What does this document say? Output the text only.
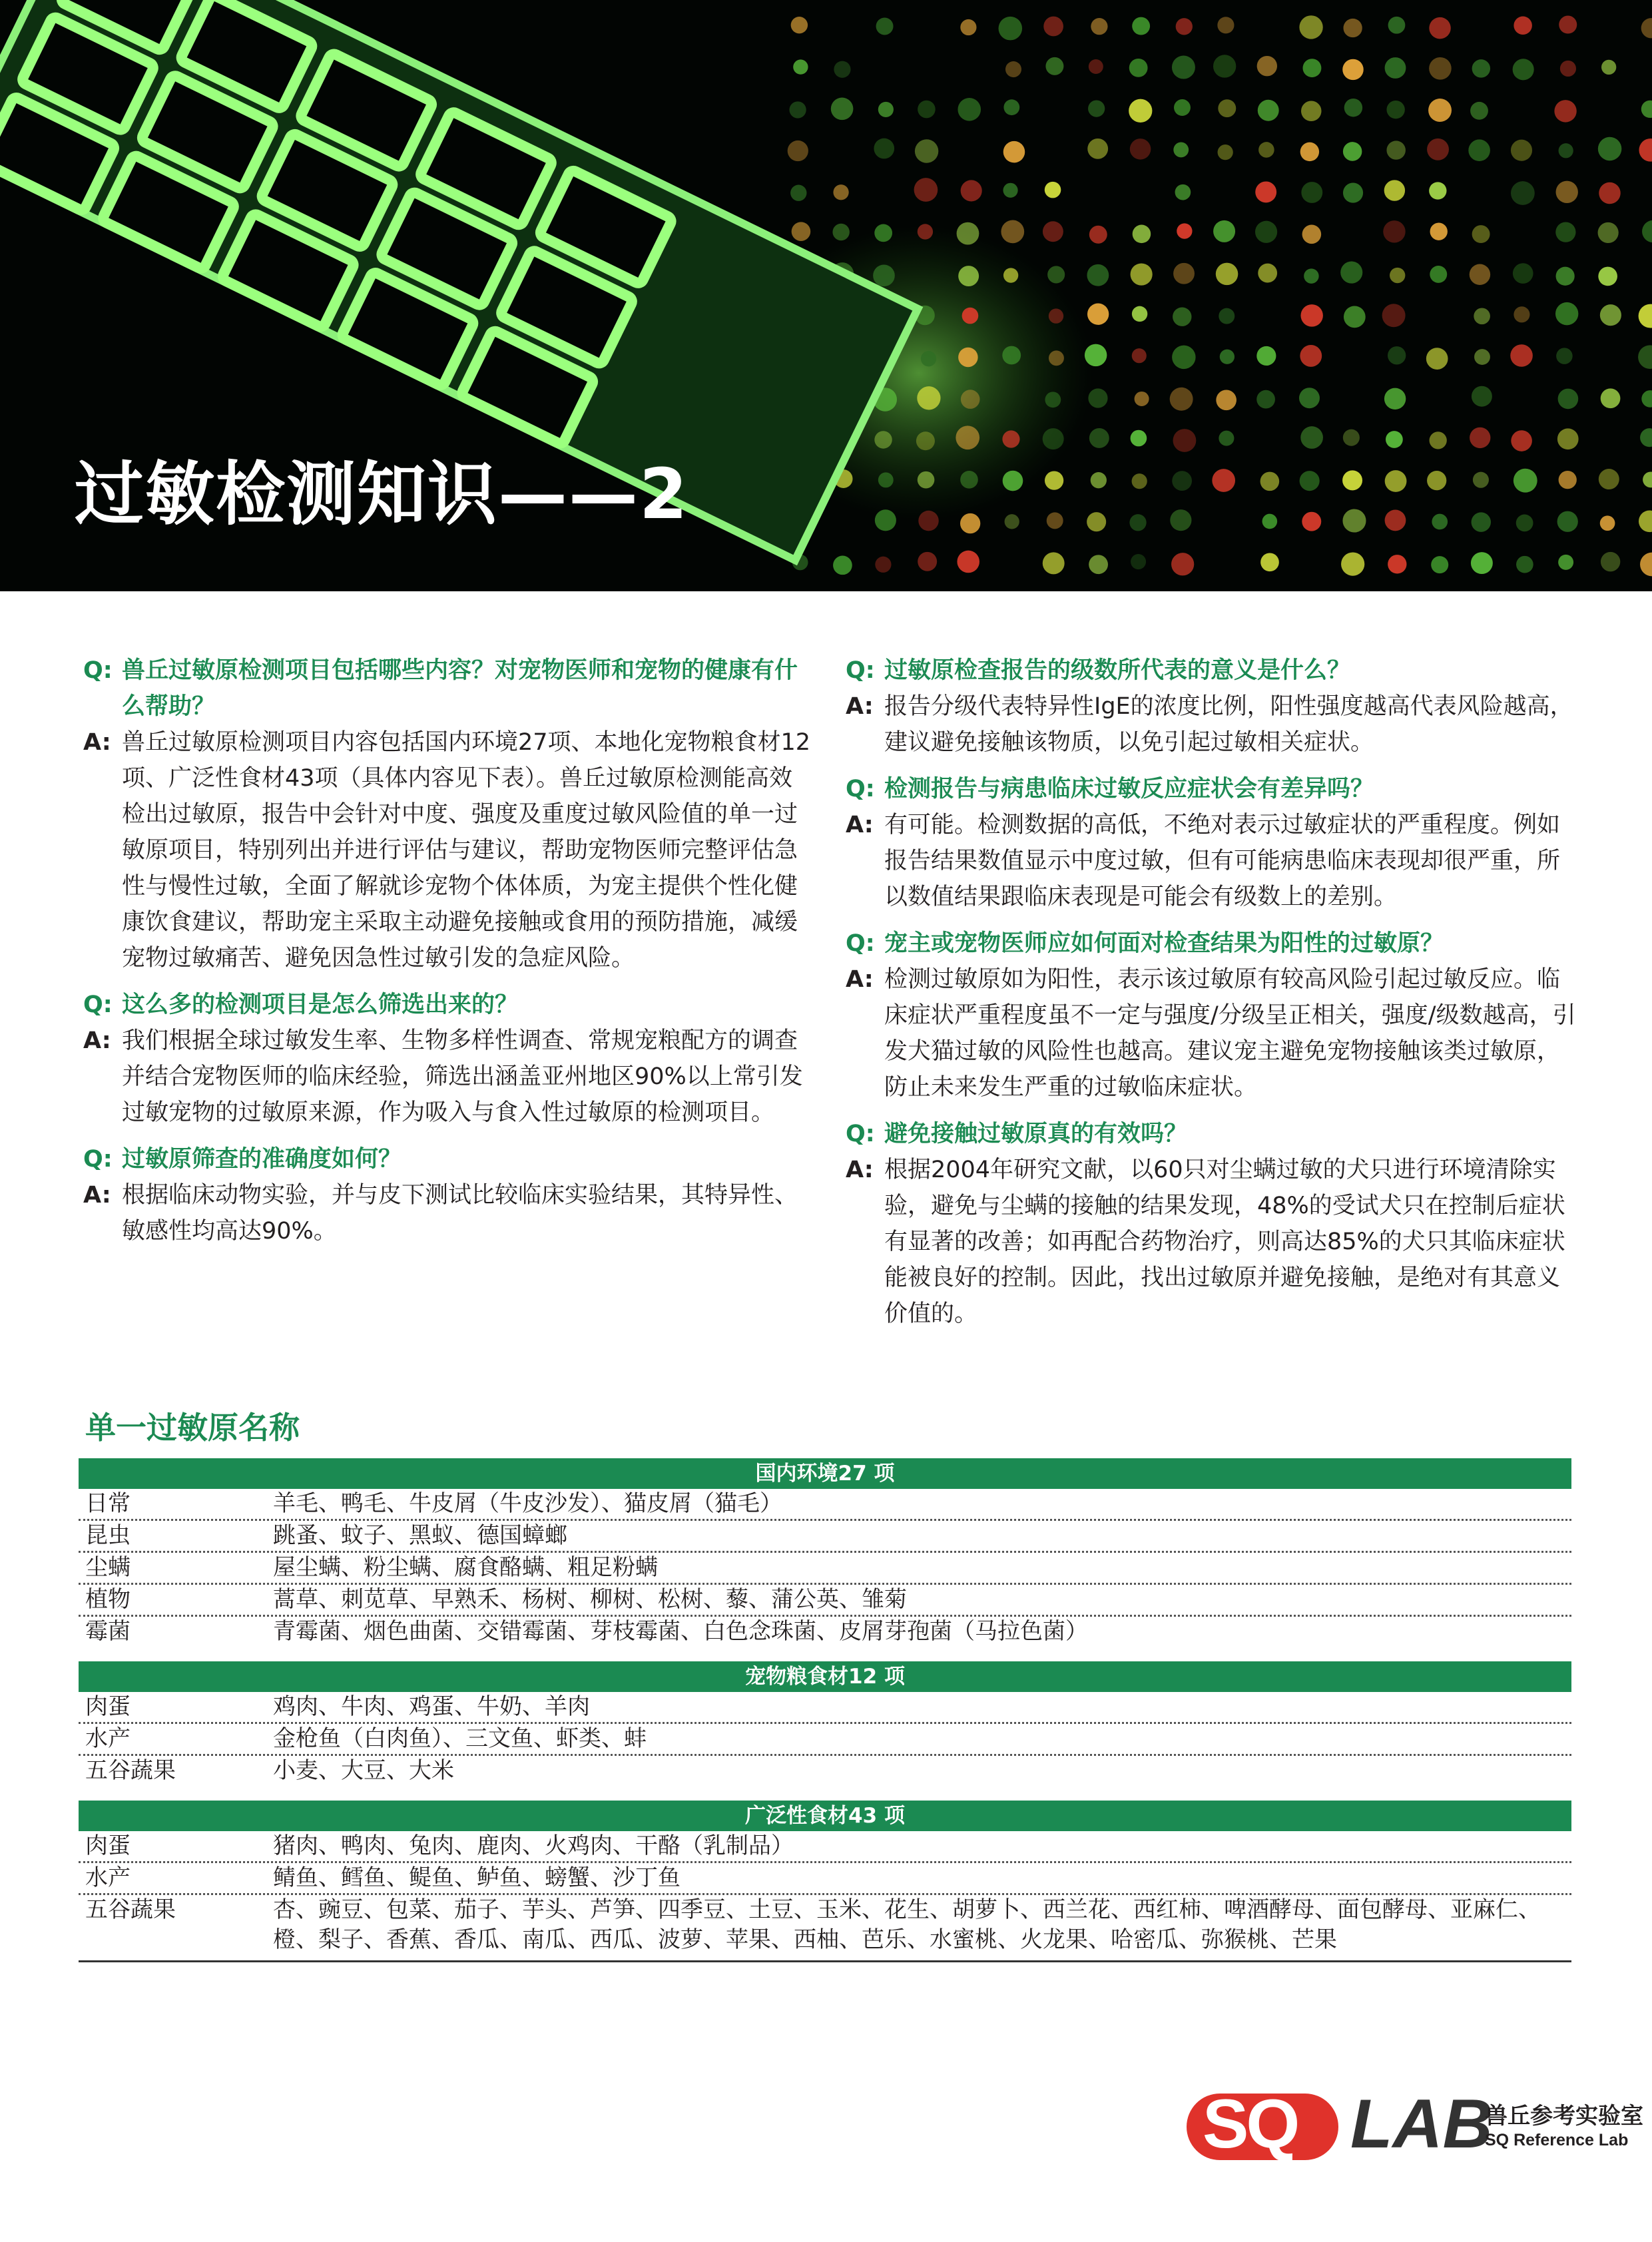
过敏检测知识——2
Q: 兽丘过敏原检测项目包括哪些内容？对宠物医师和宠物的健康有什么帮助？
A: 兽丘过敏原检测项目内容包括国内环境27项、本地化宠物粮食材12项、广泛性食材43项（具体内容见下表）。兽丘过敏原检测能高效检出过敏原，报告中会针对中度、强度及重度过敏风险值的单一过敏原项目，特别列出并进行评估与建议，帮助宠物医师完整评估急性与慢性过敏，全面了解就诊宠物个体体质，为宠主提供个性化健康饮食建议，帮助宠主采取主动避免接触或食用的预防措施，减缓宠物过敏痛苦、避免因急性过敏引发的急症风险。
Q: 这么多的检测项目是怎么筛选出来的？
A: 我们根据全球过敏发生率、生物多样性调查、常规宠粮配方的调查并结合宠物医师的临床经验，筛选出涵盖亚州地区90%以上常引发过敏宠物的过敏原来源，作为吸入与食入性过敏原的检测项目。
Q: 过敏原筛查的准确度如何？
A: 根据临床动物实验，并与皮下测试比较临床实验结果，其特异性、敏感性均高达90%。
Q: 过敏原检查报告的级数所代表的意义是什么？
A: 报告分级代表特异性IgE的浓度比例，阳性强度越高代表风险越高，建议避免接触该物质，以免引起过敏相关症状。
Q: 检测报告与病患临床过敏反应症状会有差异吗？
A: 有可能。检测数据的高低，不绝对表示过敏症状的严重程度。例如报告结果数值显示中度过敏，但有可能病患临床表现却很严重，所以数值结果跟临床表现是可能会有级数上的差别。
Q: 宠主或宠物医师应如何面对检查结果为阳性的过敏原？
A: 检测过敏原如为阳性，表示该过敏原有较高风险引起过敏反应。临床症状严重程度虽不一定与强度/分级呈正相关，强度/级数越高，引发犬猫过敏的风险性也越高。建议宠主避免宠物接触该类过敏原，防止未来发生严重的过敏临床症状。
Q: 避免接触过敏原真的有效吗？
A: 根据2004年研究文献，以60只对尘螨过敏的犬只进行环境清除实验，避免与尘螨的接触的结果发现，48%的受试犬只在控制后症状有显著的改善；如再配合药物治疗，则高达85%的犬只其临床症状能被良好的控制。因此，找出过敏原并避免接触，是绝对有其意义价值的。
单一过敏原名称
国内环境27 项
日常	羊毛、鸭毛、牛皮屑（牛皮沙发）、猫皮屑（猫毛）
昆虫	跳蚤、蚊子、黑蚁、德国蟑螂
尘螨	屋尘螨、粉尘螨、腐食酪螨、粗足粉螨
植物	蒿草、刺苋草、早熟禾、杨树、柳树、松树、藜、蒲公英、雏菊
霉菌	青霉菌、烟色曲菌、交错霉菌、芽枝霉菌、白色念珠菌、皮屑芽孢菌（马拉色菌）
宠物粮食材12 项
肉蛋	鸡肉、牛肉、鸡蛋、牛奶、羊肉
水产	金枪鱼（白肉鱼）、三文鱼、虾类、蚌
五谷蔬果	小麦、大豆、大米
广泛性食材43 项
肉蛋	猪肉、鸭肉、兔肉、鹿肉、火鸡肉、干酪（乳制品）
水产	鲭鱼、鳕鱼、鳀鱼、鲈鱼、螃蟹、沙丁鱼
五谷蔬果	杏、豌豆、包菜、茄子、芋头、芦笋、四季豆、土豆、玉米、花生、胡萝卜、西兰花、西红柿、啤酒酵母、面包酵母、亚麻仁、橙、梨子、香蕉、香瓜、南瓜、西瓜、波萝、苹果、西柚、芭乐、水蜜桃、火龙果、哈密瓜、弥猴桃、芒果
SQ LAB
兽丘参考实验室
SQ Reference Lab
